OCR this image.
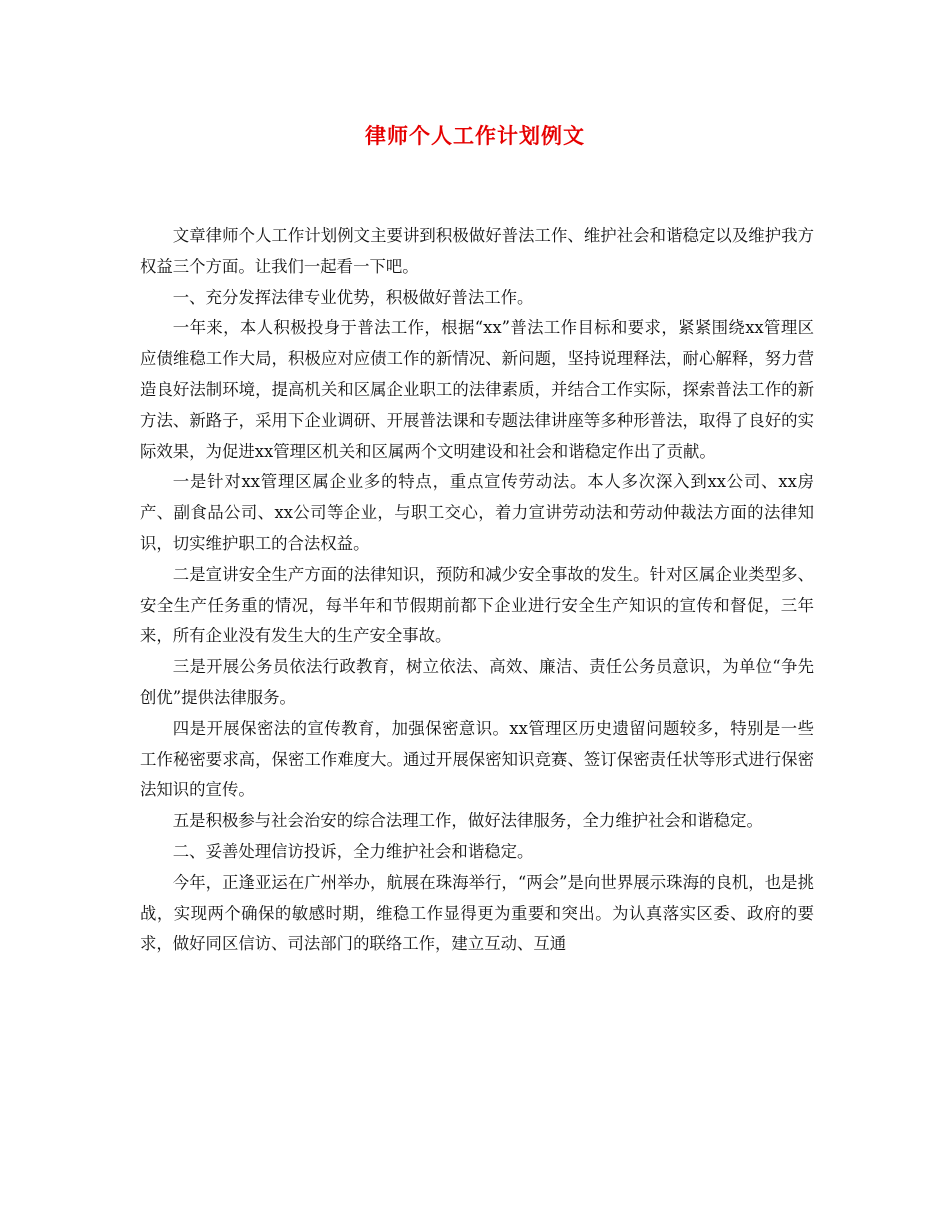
律师个人工作计划例文

文章律师个人工作计划例文主要讲到积极做好普法工作、维护社会和谐稳定以及维护我方权益三个方面。让我们一起看一下吧。

一、充分发挥法律专业优势，积极做好普法工作。

一年来，本人积极投身于普法工作，根据“xx”普法工作目标和要求，紧紧围绕xx管理区应债维稳工作大局，积极应对应债工作的新情况、新问题，坚持说理释法，耐心解释，努力营造良好法制环境，提高机关和区属企业职工的法律素质，并结合工作实际，探索普法工作的新方法、新路子，采用下企业调研、开展普法课和专题法律讲座等多种形普法，取得了良好的实际效果，为促进xx管理区机关和区属两个文明建设和社会和谐稳定作出了贡献。

一是针对xx管理区属企业多的特点，重点宣传劳动法。本人多次深入到xx公司、xx房产、副食品公司、xx公司等企业，与职工交心，着力宣讲劳动法和劳动仲裁法方面的法律知识，切实维护职工的合法权益。

二是宣讲安全生产方面的法律知识，预防和减少安全事故的发生。针对区属企业类型多、安全生产任务重的情况，每半年和节假期前都下企业进行安全生产知识的宣传和督促，三年来，所有企业没有发生大的生产安全事故。

三是开展公务员依法行政教育，树立依法、高效、廉洁、责任公务员意识，为单位“争先创优”提供法律服务。

四是开展保密法的宣传教育，加强保密意识。xx管理区历史遗留问题较多，特别是一些工作秘密要求高，保密工作难度大。通过开展保密知识竞赛、签订保密责任状等形式进行保密法知识的宣传。

五是积极参与社会治安的综合法理工作，做好法律服务，全力维护社会和谐稳定。

二、妥善处理信访投诉，全力维护社会和谐稳定。

今年，正逢亚运在广州举办，航展在珠海举行，“两会”是向世界展示珠海的良机，也是挑战，实现两个确保的敏感时期，维稳工作显得更为重要和突出。为认真落实区委、政府的要求，做好同区信访、司法部门的联络工作，建立互动、互通
